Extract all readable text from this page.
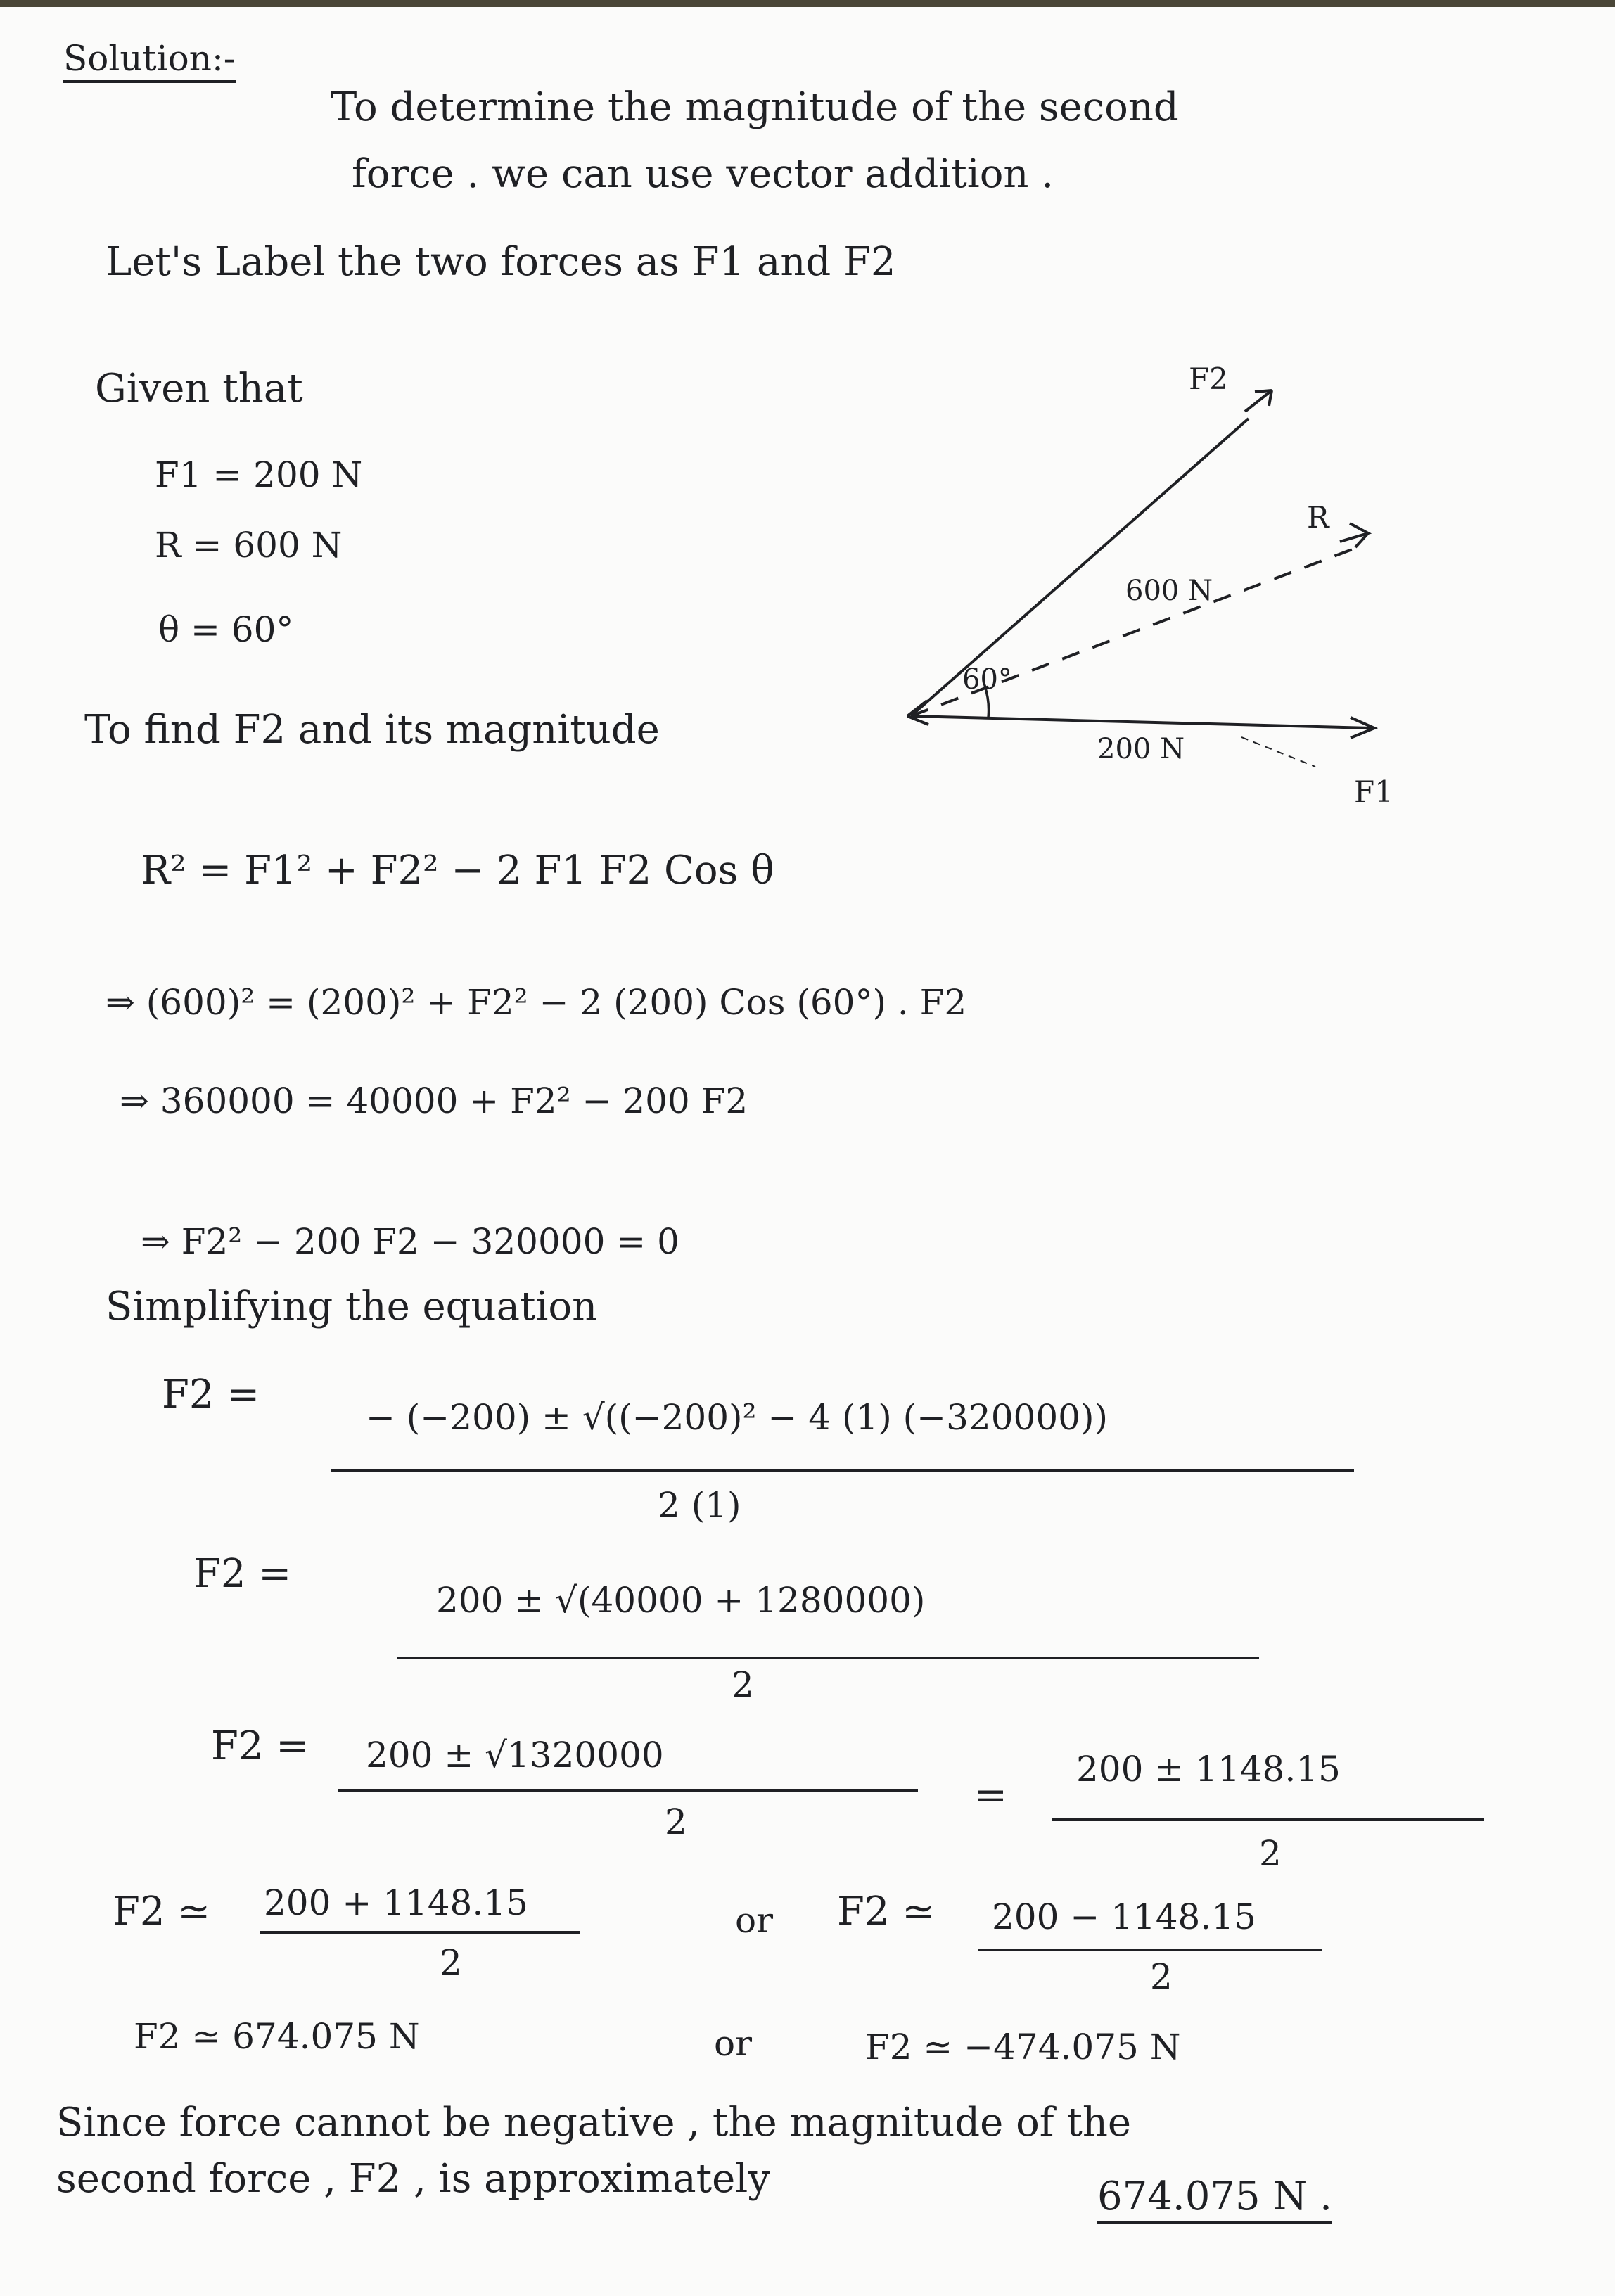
Solution:-
To determine the magnitude of the second
force . we can use vector addition .
Let's Label the two forces as F1 and F2
Given that
F1 = 200 N
R = 600 N
θ = 60°
F2
R
600 N
60°
200 N
F1
To find F2 and its magnitude
R² = F1² + F2² − 2 F1 F2 Cos θ
⇒ (600)² = (200)² + F2² − 2 (200) Cos (60°) . F2
⇒ 360000 = 40000 + F2² − 200 F2
⇒ F2² − 200 F2 − 320000 = 0
Simplifying the equation
F2 =	− (−200) ± √((−200)² − 4 (1) (−320000))
2 (1)
F2 =
200 ± √(40000 + 1280000)
2
F2 = 200 ± √1320000
2
=
200 ± 1148.15
2
F2 ≃ 200 + 1148.15
2
or F2 ≃ 200 − 1148.15
2
F2 ≃ 674.075 N	or	F2 ≃ −474.075 N
Since force cannot be negative , the magnitude of the
second force , F2 , is approximately	674.075 N .
